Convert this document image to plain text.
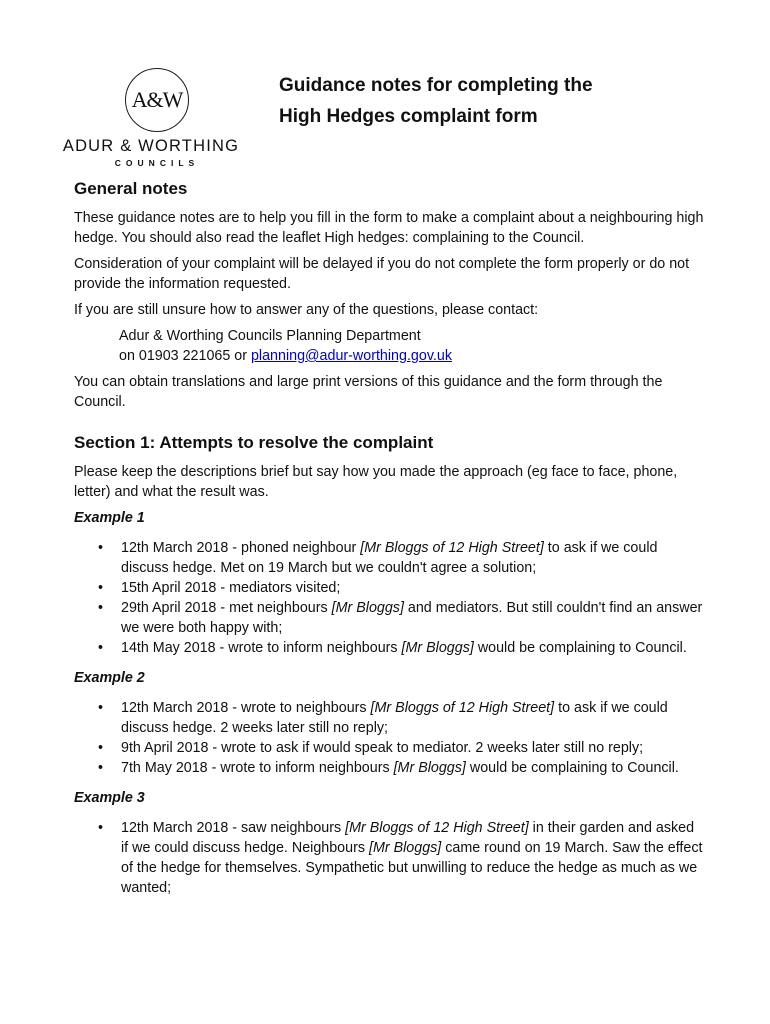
A&W
ADUR & WORTHING
COUNCILS
Guidance notes for completing the
High Hedges complaint form
General notes

These guidance notes are to help you fill in the form to make a complaint about a neighbouring high hedge. You should also read the leaflet High hedges: complaining to the Council.

Consideration of your complaint will be delayed if you do not complete the form properly or do not provide the information requested.

If you are still unsure how to answer any of the questions, please contact:

Adur & Worthing Councils Planning Department
on 01903 221065 or planning@adur-worthing.gov.uk

You can obtain translations and large print versions of this guidance and the form through the Council.

Section 1: Attempts to resolve the complaint

Please keep the descriptions brief but say how you made the approach (eg face to face, phone, letter) and what the result was.

Example 1
• 12th March 2018 - phoned neighbour [Mr Bloggs of 12 High Street] to ask if we could discuss hedge. Met on 19 March but we couldn't agree a solution;
• 15th April 2018 - mediators visited;
• 29th April 2018 - met neighbours [Mr Bloggs] and mediators. But still couldn't find an answer we were both happy with;
• 14th May 2018 - wrote to inform neighbours [Mr Bloggs] would be complaining to Council.
Example 2
• 12th March 2018 - wrote to neighbours [Mr Bloggs of 12 High Street] to ask if we could discuss hedge. 2 weeks later still no reply;
• 9th April 2018 - wrote to ask if would speak to mediator. 2 weeks later still no reply;
• 7th May 2018 - wrote to inform neighbours [Mr Bloggs] would be complaining to Council.
Example 3
• 12th March 2018 - saw neighbours [Mr Bloggs of 12 High Street] in their garden and asked if we could discuss hedge. Neighbours [Mr Bloggs] came round on 19 March. Saw the effect of the hedge for themselves. Sympathetic but unwilling to reduce the hedge as much as we wanted;
